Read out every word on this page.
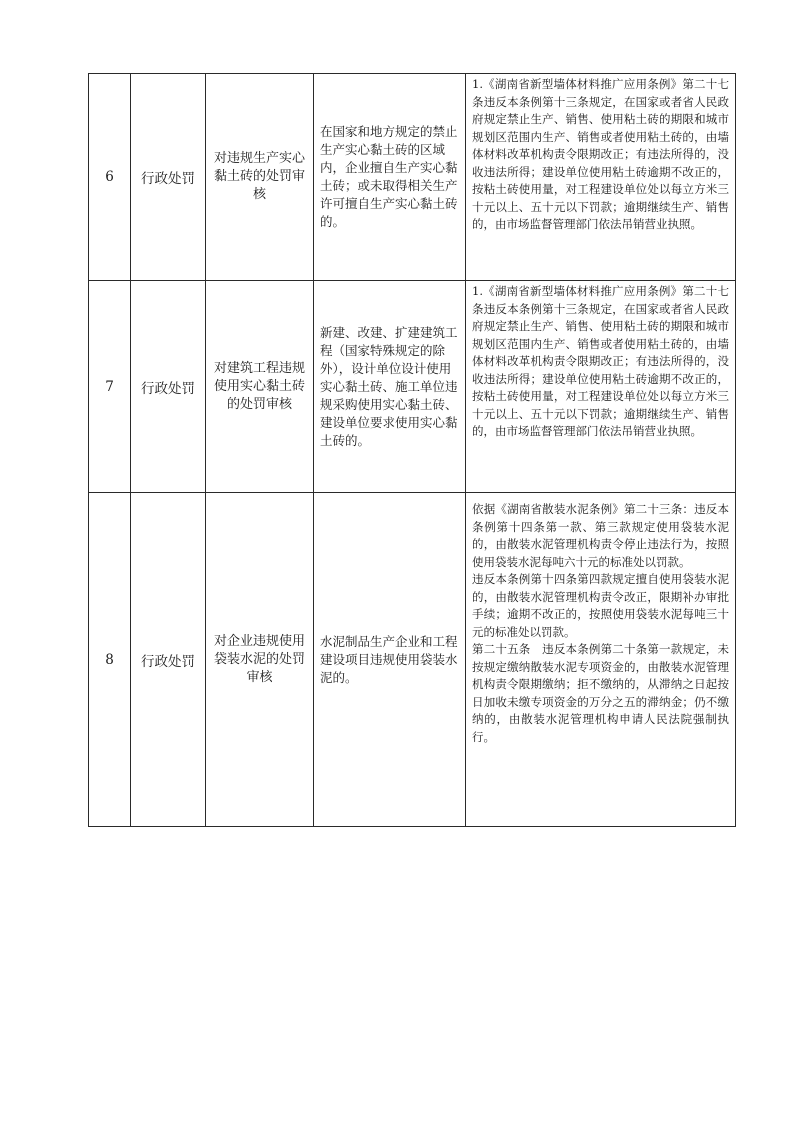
6	行政处罚	对违规生产实心黏土砖的处罚审核	在国家和地方规定的禁止生产实心黏土砖的区域内，企业擅自生产实心黏土砖；或未取得相关生产许可擅自生产实心黏土砖的。	1.《湖南省新型墙体材料推广应用条例》第二十七条违反本条例第十三条规定，在国家或者省人民政府规定禁止生产、销售、使用粘土砖的期限和城市规划区范围内生产、销售或者使用粘土砖的，由墙体材料改革机构责令限期改正；有违法所得的，没收违法所得；建设单位使用粘土砖逾期不改正的，按粘土砖使用量，对工程建设单位处以每立方米三十元以上、五十元以下罚款；逾期继续生产、销售的，由市场监督管理部门依法吊销营业执照。

7	行政处罚	对建筑工程违规使用实心黏土砖的处罚审核	新建、改建、扩建建筑工程（国家特殊规定的除外），设计单位设计使用实心黏土砖、施工单位违规采购使用实心黏土砖、建设单位要求使用实心黏土砖的。	1.《湖南省新型墙体材料推广应用条例》第二十七条违反本条例第十三条规定，在国家或者省人民政府规定禁止生产、销售、使用粘土砖的期限和城市规划区范围内生产、销售或者使用粘土砖的，由墙体材料改革机构责令限期改正；有违法所得的，没收违法所得；建设单位使用粘土砖逾期不改正的，按粘土砖使用量，对工程建设单位处以每立方米三十元以上、五十元以下罚款；逾期继续生产、销售的，由市场监督管理部门依法吊销营业执照。

8	行政处罚	对企业违规使用袋装水泥的处罚审核	水泥制品生产企业和工程建设项目违规使用袋装水泥的。	依据《湖南省散装水泥条例》第二十三条：违反本条例第十四条第一款、第三款规定使用袋装水泥的，由散装水泥管理机构责令停止违法行为，按照使用袋装水泥每吨六十元的标准处以罚款。

违反本条例第十四条第四款规定擅自使用袋装水泥的，由散装水泥管理机构责令改正，限期补办审批手续；逾期不改正的，按照使用袋装水泥每吨三十元的标准处以罚款。

第二十五条　违反本条例第二十条第一款规定，未按规定缴纳散装水泥专项资金的，由散装水泥管理机构责令限期缴纳；拒不缴纳的，从滞纳之日起按日加收未缴专项资金的万分之五的滞纳金；仍不缴纳的，由散装水泥管理机构申请人民法院强制执行。
